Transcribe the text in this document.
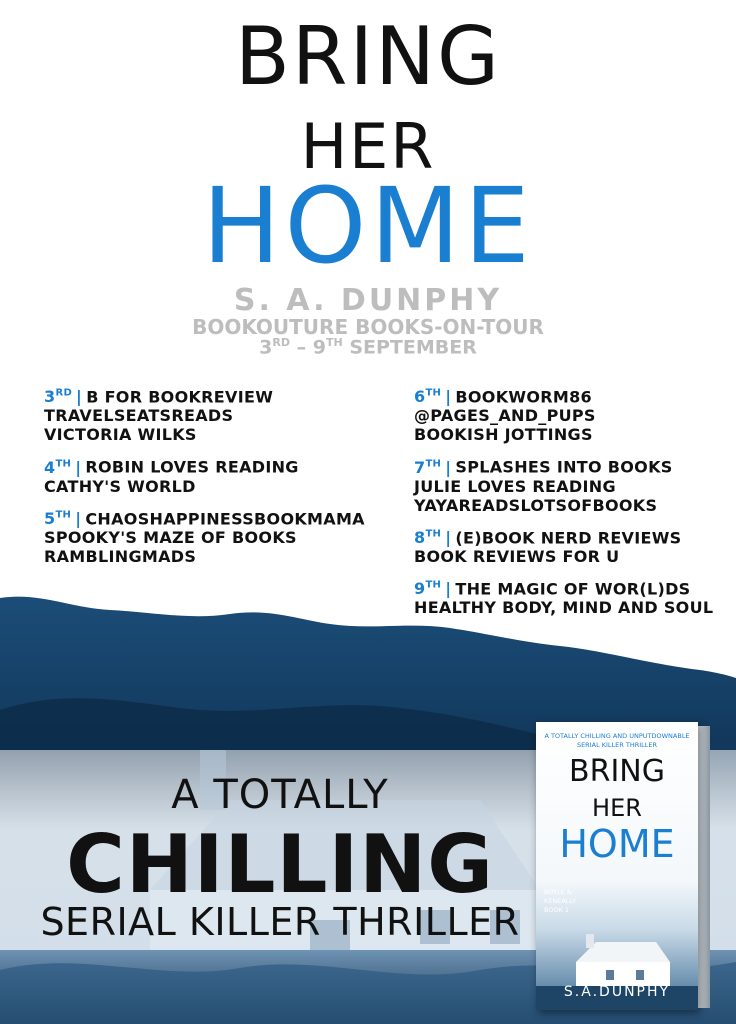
BRING
HER
HOME
S. A. DUNPHY
BOOKOUTURE BOOKS-ON-TOUR
3RD – 9TH SEPTEMBER
3RD | B FOR BOOKREVIEW
TRAVELSEATSREADS
VICTORIA WILKS
4TH | ROBIN LOVES READING
CATHY'S WORLD
5TH | CHAOSHAPPINESSBOOKMAMA
SPOOKY'S MAZE OF BOOKS
RAMBLINGMADS
6TH | BOOKWORM86
@PAGES_AND_PUPS
BOOKISH JOTTINGS
7TH | SPLASHES INTO BOOKS
JULIE LOVES READING
YAYAREADSLOTSOFBOOKS
8TH | (E)BOOK NERD REVIEWS
BOOK REVIEWS FOR U
9TH | THE MAGIC OF WOR(L)DS
HEALTHY BODY, MIND AND SOUL
A TOTALLY
CHILLING
SERIAL KILLER THRILLER
A TOTALLY CHILLING AND UNPUTDOWNABLE SERIAL KILLER THRILLER
BRING
HER
HOME
BOYLE & KENEALLY BOOK 1
S.A.DUNPHY
